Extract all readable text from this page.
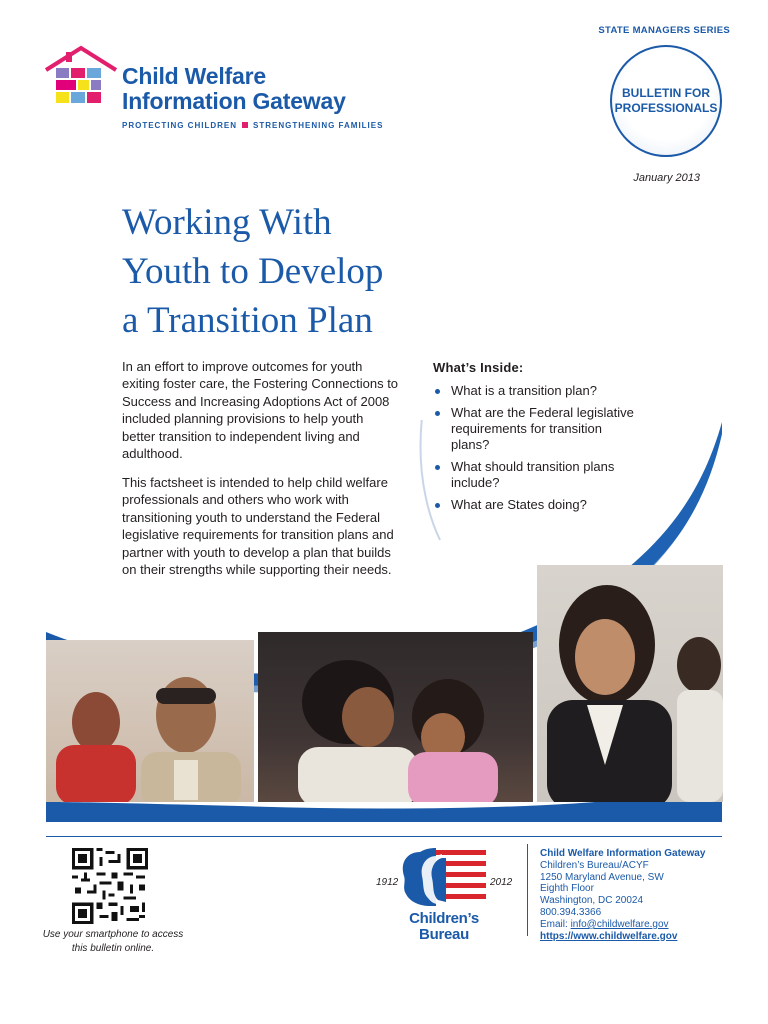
Child Welfare
Information Gateway
PROTECTING CHILDREN STRENGTHENING FAMILIES
STATE MANAGERS SERIES
BULLETIN FOR
PROFESSIONALS
January 2013
Working With
Youth to Develop
a Transition Plan
In an effort to improve outcomes for youth exiting foster care, the Fostering Connections to Success and Increasing Adoptions Act of 2008 included planning provisions to help youth better transition to independent living and adulthood.
This factsheet is intended to help child welfare professionals and others who work with transitioning youth to understand the Federal legislative requirements for transition plans and partner with youth to develop a plan that builds on their strengths while supporting their needs.
What’s Inside:
What is a transition plan?
What are the Federal legislative requirements for transition plans?
What should transition plans include?
What are States doing?
Use your smartphone to access this bulletin online.
1912	2012
Children’s
Bureau
Child Welfare Information Gateway
Children’s Bureau/ACYF
1250 Maryland Avenue, SW
Eighth Floor
Washington, DC 20024
800.394.3366
Email: info@childwelfare.gov
https://www.childwelfare.gov
